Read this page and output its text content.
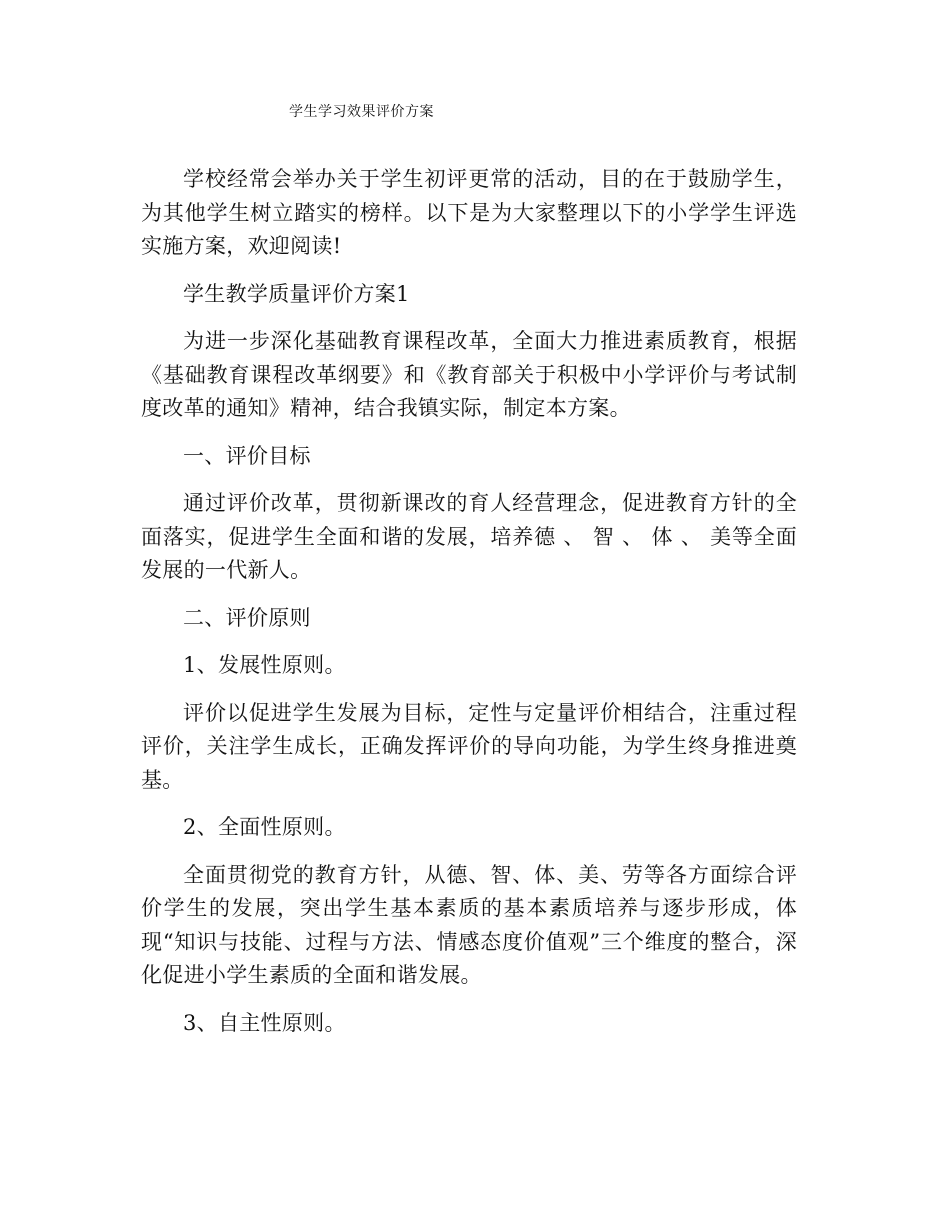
学生学习效果评价方案

学校经常会举办关于学生初评更常的活动，目的在于鼓励学生，为其他学生树立踏实的榜样。以下是为大家整理以下的小学学生评选实施方案，欢迎阅读!

学生教学质量评价方案1

为进一步深化基础教育课程改革，全面大力推进素质教育，根据《基础教育课程改革纲要》和《教育部关于积极中小学评价与考试制度改革的通知》精神，结合我镇实际，制定本方案。

一、评价目标

通过评价改革，贯彻新课改的育人经营理念，促进教育方针的全面落实，促进学生全面和谐的发展，培养德 、 智 、 体 、 美等全面发展的一代新人。

二、评价原则

1、发展性原则。

评价以促进学生发展为目标，定性与定量评价相结合，注重过程评价，关注学生成长，正确发挥评价的导向功能，为学生终身推进奠基。

2、全面性原则。

全面贯彻党的教育方针，从德、智、体、美、劳等各方面综合评价学生的发展，突出学生基本素质的基本素质培养与逐步形成，体现“知识与技能、过程与方法、情感态度价值观”三个维度的整合，深化促进小学生素质的全面和谐发展。

3、自主性原则。
